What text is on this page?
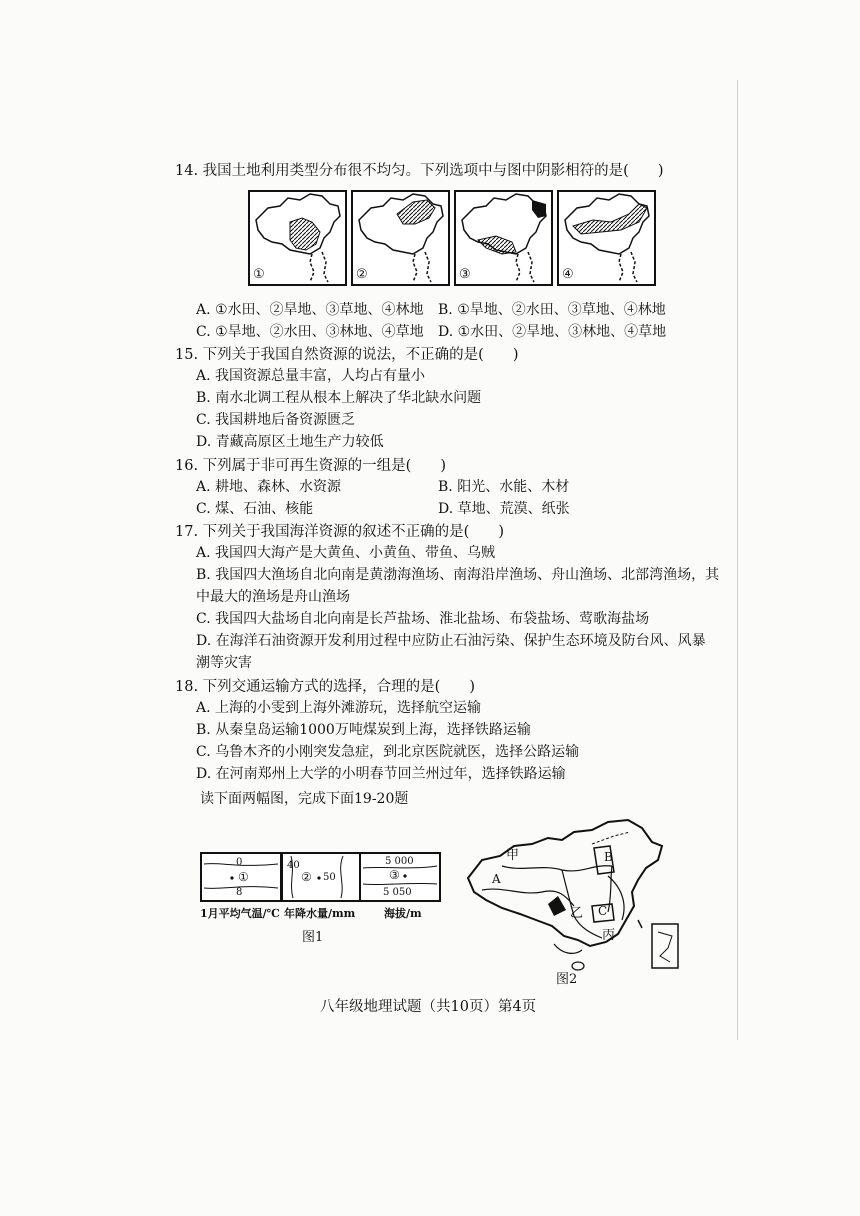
14. 我国土地利用类型分布很不均匀。下列选项中与图中阴影相符的是(　　)
①	②	③	④
A. ①水田、②旱地、③草地、④林地 B. ①旱地、②水田、③草地、④林地
C. ①旱地、②水田、③林地、④草地 D. ①水田、②旱地、③林地、④草地
15. 下列关于我国自然资源的说法，不正确的是(　　)
A. 我国资源总量丰富，人均占有量小
B. 南水北调工程从根本上解决了华北缺水问题
C. 我国耕地后备资源匮乏
D. 青藏高原区土地生产力较低
16. 下列属于非可再生资源的一组是(　　)
A. 耕地、森林、水资源	B. 阳光、水能、木材
C. 煤、石油、核能	D. 草地、荒漠、纸张
17. 下列关于我国海洋资源的叙述不正确的是(　　)
A. 我国四大海产是大黄鱼、小黄鱼、带鱼、乌贼
B. 我国四大渔场自北向南是黄渤海渔场、南海沿岸渔场、舟山渔场、北部湾渔场，其
中最大的渔场是舟山渔场
C. 我国四大盐场自北向南是长芦盐场、淮北盐场、布袋盐场、莺歌海盐场
D. 在海洋石油资源开发利用过程中应防止石油污染、保护生态环境及防台风、风暴
潮等灾害
18. 下列交通运输方式的选择，合理的是(　　)
A. 上海的小雯到上海外滩游玩，选择航空运输
B. 从秦皇岛运输1000万吨煤炭到上海，选择铁路运输
C. 乌鲁木齐的小刚突发急症，到北京医院就医，选择公路运输
D. 在河南郑州上大学的小明春节回兰州过年，选择铁路运输
读下面两幅图，完成下面19-20题
0
①
8
1月平均气温/℃
40
② 50
年降水量/mm
5 000
③
5 050
海拔/m
图1
甲
A
B
乙 C
丙
图2
八年级地理试题（共10页）第4页
